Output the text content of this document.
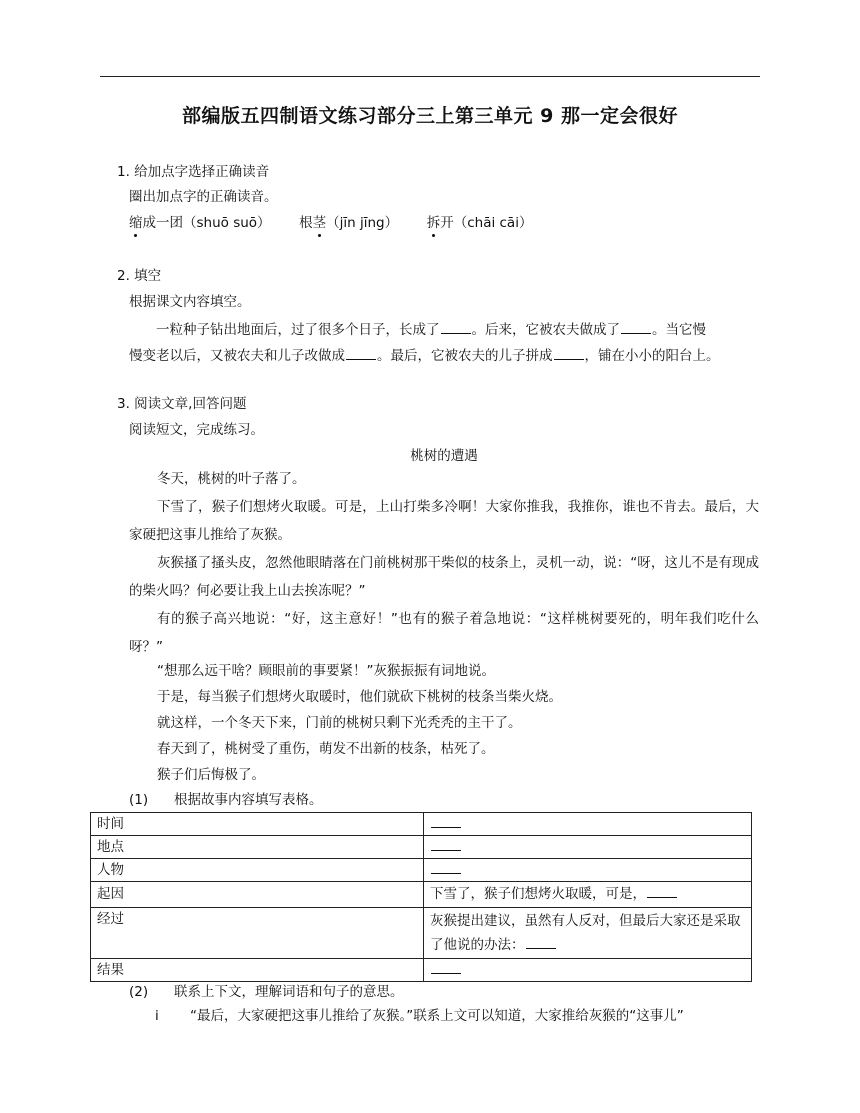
部编版五四制语文练习部分三上第三单元 9 那一定会很好
1. 给加点字选择正确读音
圈出加点字的正确读音。
缩成一团（shuō suō） 根茎（jīn jīng） 拆开（chāi cāi）
2. 填空
根据课文内容填空。
一粒种子钻出地面后，过了很多个日子，长成了 。后来，它被农夫做成了 。当它慢
慢变老以后，又被农夫和儿子改做成 。最后，它被农夫的儿子拼成 ，铺在小小的阳台上。
3. 阅读文章,回答问题
阅读短文，完成练习。
桃树的遭遇
冬天，桃树的叶子落了。
下雪了，猴子们想烤火取暖。可是，上山打柴多冷啊！大家你推我，我推你，谁也不肯去。最后，大家硬把这事儿推给了灰猴。
灰猴搔了搔头皮，忽然他眼睛落在门前桃树那干柴似的枝条上，灵机一动，说：“呀，这儿不是有现成的柴火吗？何必要让我上山去挨冻呢？”
有的猴子高兴地说：“好，这主意好！”也有的猴子着急地说：“这样桃树要死的，明年我们吃什么呀？”
“想那么远干啥？顾眼前的事要紧！”灰猴振振有词地说。
于是，每当猴子们想烤火取暖时，他们就砍下桃树的枝条当柴火烧。
就这样，一个冬天下来，门前的桃树只剩下光秃秃的主干了。
春天到了，桃树受了重伤，萌发不出新的枝条，枯死了。
猴子们后悔极了。
(1) 根据故事内容填写表格。
时间	
地点	
人物	
起因	下雪了，猴子们想烤火取暖，可是，
经过	灰猴提出建议，虽然有人反对，但最后大家还是采取了他说的办法：
结果	
(2) 联系上下文，理解词语和句子的意思。
i “最后，大家硬把这事儿推给了灰猴。”联系上文可以知道，大家推给灰猴的“这事儿”
